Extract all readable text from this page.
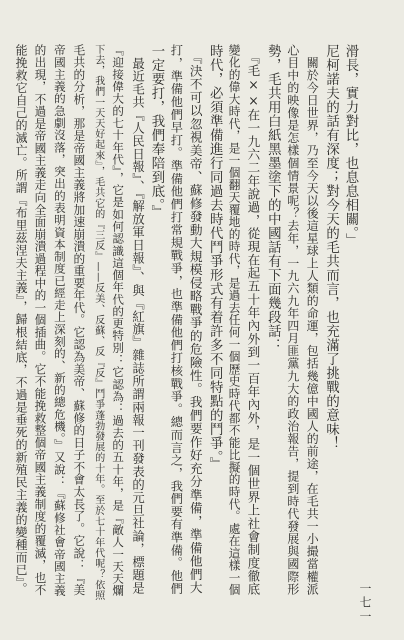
滑長，實力對比，也息息相關。」
尼柯諾夫的話有深度；對今天的毛共而言，也充滿了挑戰的意味！
　關於今日世界，乃至今天以後這星球上人類的命運，包括幾億中國人的前途，在毛共一小撮當權派
心目中的映像是怎樣個情景呢？去年，一九六九年四月匪黨九大的政治報告，提到時代發展與國際形
勢，毛共用白紙黑墨塗下的中國話有下面幾段話：
　『毛××在一九六二年說過，從現在起五十年內外到一百年內外，是一個世界上社會制度徹底
變化的偉大時代，是一個翻天覆地的時代，是過去任何一個歷史時代都不能比擬的時代。處在這樣一個
時代，必須準備進行同過去時代鬥爭形式有着許多不同特點的鬥爭。』
　『決不可以忽視美帝、蘇修發動大規模侵略戰爭的危險性。我們要作好充分準備，準備他們大
打，準備他們早打。準備他們打常規戰爭，也準備他們打核戰爭。總而言之，我們要有準備。他們
一定要打，我們奉陪到底。』
　最近毛共『人民日報』、『解放軍日報』、與『紅旗』雜誌所謂兩報一刊發表的元旦社論，標題是
『迎接偉大的七十年代』，它是如何認識這個年代的更特別：它認為：過去的五十年，是『敵人一天天爛
下去，我們一天天好起來』，毛共它的『三反』——反美、反蘇、反『反』鬥爭蓬勃發展的十年。至於七十年代呢？依照
毛共的分析，那是帝國主義將加速崩潰的重要年代。它認為美帝、蘇修的日子不會太長了。它說：『美
帝國主義的急劇沒落，突出的表明資本制度已經走上深刻的、新的總危機。』又說：『蘇修社會帝國主義
的出現，不過是帝國主義走向全面崩潰過程中的一個插曲。它不能挽救整個帝國主義制度的覆滅，也不
能挽救它自己的滅亡。所謂『布里茲涅夫主義』，歸根結底，不過是垂死的新殖民主義的變種而已』。
一七一
